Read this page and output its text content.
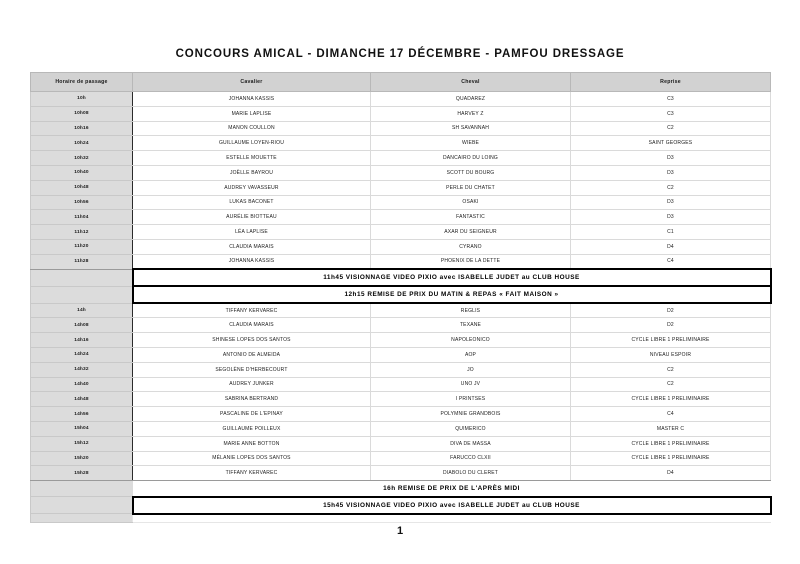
CONCOURS AMICAL - DIMANCHE 17 DÉCEMBRE - PAMFOU DRESSAGE
Horaire de passage	Cavalier	Cheval	Reprise
10h	JOHANNA KASSIS	QUADAREZ	C3
10h08	MARIE LAPLISE	HARVEY Z	C3
10h16	MANON COULLON	SH SAVANNAH	C2
10h24	GUILLAUME LOYEN-RIOU	WIEBE	SAINT GEORGES
10h32	ESTELLE MOUETTE	DANCAIRO DU LOING	D3
10h40	JOËLLE BAYROU	SCOTT DU BOURG	D3
10h48	AUDREY VAVASSEUR	PERLE DU CHATET	C2
10h56	LUKAS BACONET	OSAKI	D3
11h04	AURÉLIE BIOTTEAU	FANTASTIC	D3
11h12	LÉA LAPLISE	AXAR DU SEIGNEUR	C1
11h20	CLAUDIA MARAIS	CYRANO	D4
11h28	JOHANNA KASSIS	PHOENIX DE LA DETTE	C4
	11h45 VISIONNAGE VIDEO PIXIO avec ISABELLE JUDET au CLUB HOUSE		
	12h15 REMISE DE PRIX DU MATIN & REPAS « FAIT MAISON »		
14h	TIFFANY KERVAREC	REGLIS	D2
14h08	CLAUDIA MARAIS	TEXANE	D2
14h16	SHINESE LOPES DOS SANTOS	NAPOLEONICO	CYCLE LIBRE 1 PRELIMINAIRE
14h24	ANTONIO DE ALMEIDA	AOP	NIVEAU ESPOIR
14h32	SEGOLÈNE D'HERBECOURT	JO	C2
14h40	AUDREY JUNKER	UNO JV	C2
14h48	SABRINA BERTRAND	I PRINTSES	CYCLE LIBRE 1 PRELIMINAIRE
14h56	PASCALINE DE L'EPINAY	POLYMNIE GRANDBOIS	C4
15h04	GUILLAUME POILLEUX	QUIMERICO	MASTER C
15h12	MARIE ANNE BOTTON	DIVA DE MASSA	CYCLE LIBRE 1 PRELIMINAIRE
15h20	MÉLANIE LOPES DOS SANTOS	FARUCCO CLXII	CYCLE LIBRE 1 PRELIMINAIRE
15h28	TIFFANY KERVAREC	DIABOLO DU CLERET	D4
	16h REMISE DE PRIX DE L'APRÈS MIDI		
	15h45 VISIONNAGE VIDEO PIXIO avec ISABELLE JUDET au CLUB HOUSE		

1
